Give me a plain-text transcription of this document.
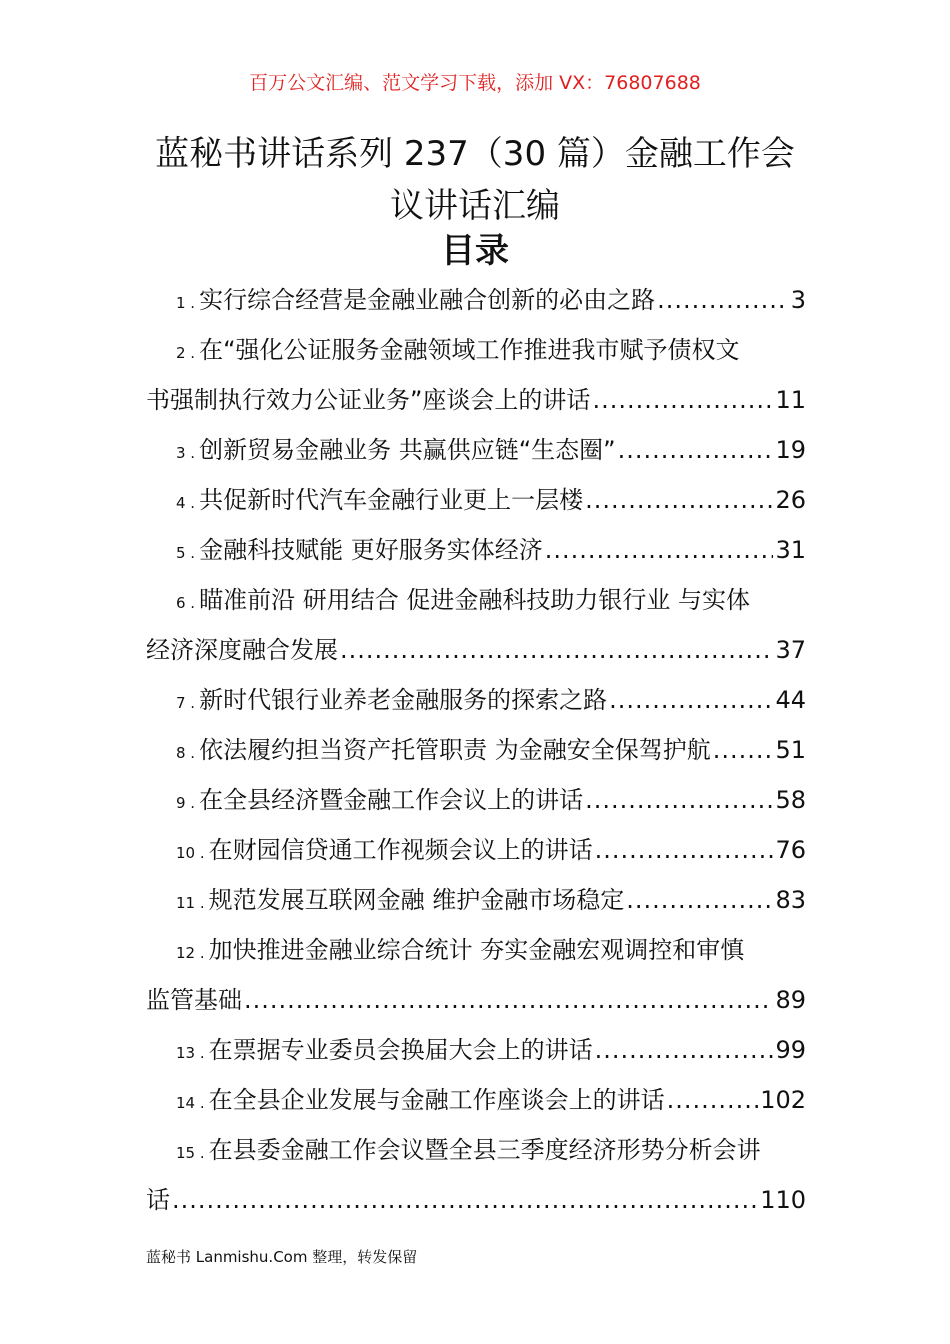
百万公文汇编、范文学习下载，添加 VX：76807688
蓝秘书讲话系列 237（30 篇）金融工作会
议讲话汇编
目录
1 . 实行综合经营是金融业融合创新的必由之路 .....	3
2 . 在“强化公证服务金融领域工作推进我市赋予债权文
书强制执行效力公证业务”座谈会上的讲话 .....	11
3 . 创新贸易金融业务 共赢供应链“生态圈” .....	19
4 . 共促新时代汽车金融行业更上一层楼 .....	26
5 . 金融科技赋能 更好服务实体经济 .....	31
6 . 瞄准前沿 研用结合 促进金融科技助力银行业 与实体
经济深度融合发展 .....	37
7 . 新时代银行业养老金融服务的探索之路 .....	44
8 . 依法履约担当资产托管职责 为金融安全保驾护航 .....	51
9 . 在全县经济暨金融工作会议上的讲话 .....	58
10 . 在财园信贷通工作视频会议上的讲话 .....	76
11 . 规范发展互联网金融 维护金融市场稳定 .....	83
12 . 加快推进金融业综合统计 夯实金融宏观调控和审慎
监管基础 .....	89
13 . 在票据专业委员会换届大会上的讲话 .....	99
14 . 在全县企业发展与金融工作座谈会上的讲话 .....	102
15 . 在县委金融工作会议暨全县三季度经济形势分析会讲
话 .....	110
蓝秘书 Lanmishu.Com 整理，转发保留
